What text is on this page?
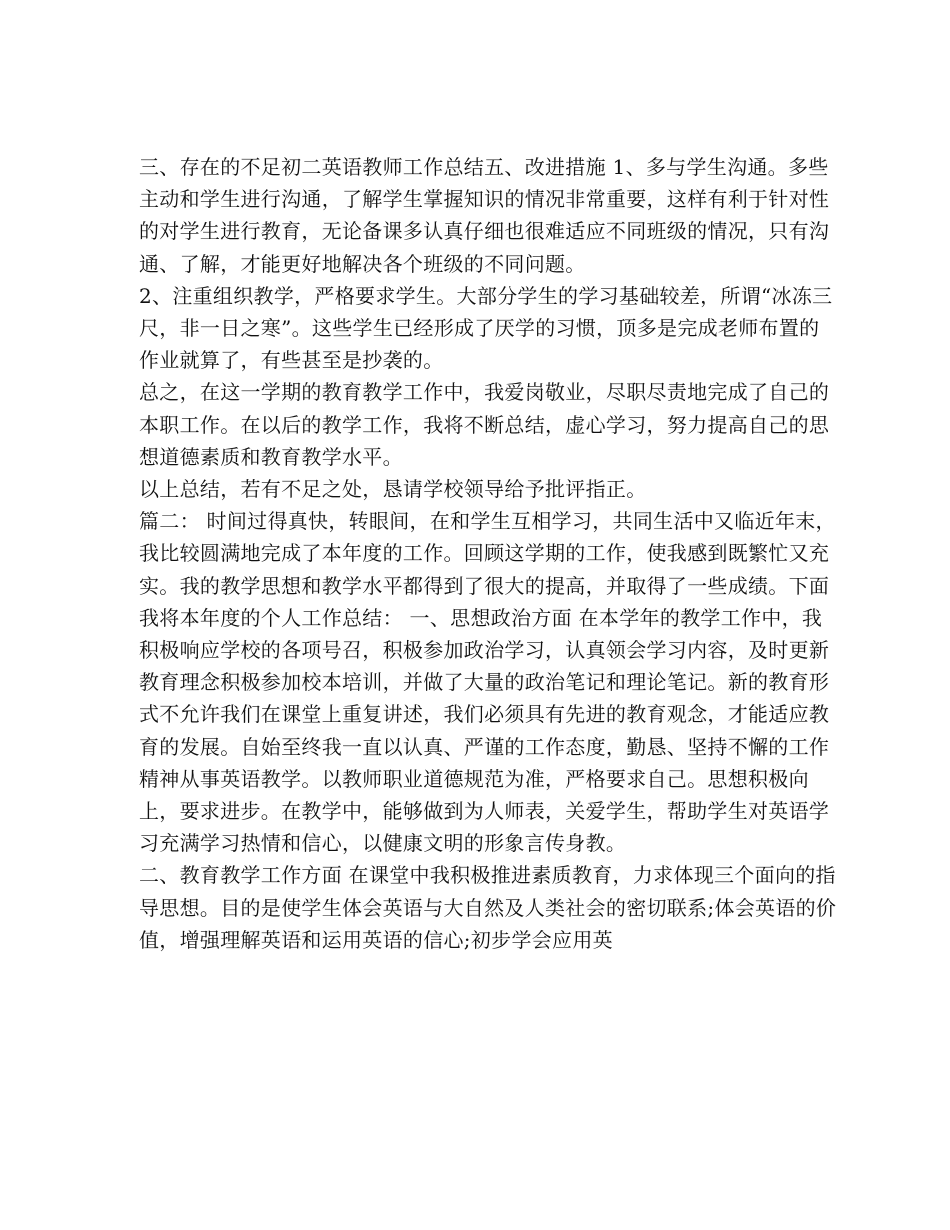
三、存在的不足初二英语教师工作总结五、改进措施 1、多与学生沟通。多些主动和学生进行沟通，了解学生掌握知识的情况非常重要，这样有利于针对性的对学生进行教育，无论备课多认真仔细也很难适应不同班级的情况，只有沟通、了解，才能更好地解决各个班级的不同问题。

2、注重组织教学，严格要求学生。大部分学生的学习基础较差，所谓“冰冻三尺，非一日之寒”。这些学生已经形成了厌学的习惯，顶多是完成老师布置的作业就算了，有些甚至是抄袭的。

总之，在这一学期的教育教学工作中，我爱岗敬业，尽职尽责地完成了自己的本职工作。在以后的教学工作，我将不断总结，虚心学习，努力提高自己的思想道德素质和教育教学水平。

以上总结，若有不足之处，恳请学校领导给予批评指正。

篇二： 时间过得真快，转眼间，在和学生互相学习，共同生活中又临近年末，我比较圆满地完成了本年度的工作。回顾这学期的工作，使我感到既繁忙又充实。我的教学思想和教学水平都得到了很大的提高，并取得了一些成绩。下面我将本年度的个人工作总结： 一、思想政治方面 在本学年的教学工作中，我积极响应学校的各项号召，积极参加政治学习，认真领会学习内容，及时更新教育理念积极参加校本培训，并做了大量的政治笔记和理论笔记。新的教育形式不允许我们在课堂上重复讲述，我们必须具有先进的教育观念，才能适应教育的发展。自始至终我一直以认真、严谨的工作态度，勤恳、坚持不懈的工作精神从事英语教学。以教师职业道德规范为准，严格要求自己。思想积极向上，要求进步。在教学中，能够做到为人师表，关爱学生，帮助学生对英语学习充满学习热情和信心，以健康文明的形象言传身教。

二、教育教学工作方面 在课堂中我积极推进素质教育，力求体现三个面向的指导思想。目的是使学生体会英语与大自然及人类社会的密切联系;体会英语的价值，增强理解英语和运用英语的信心;初步学会应用英
